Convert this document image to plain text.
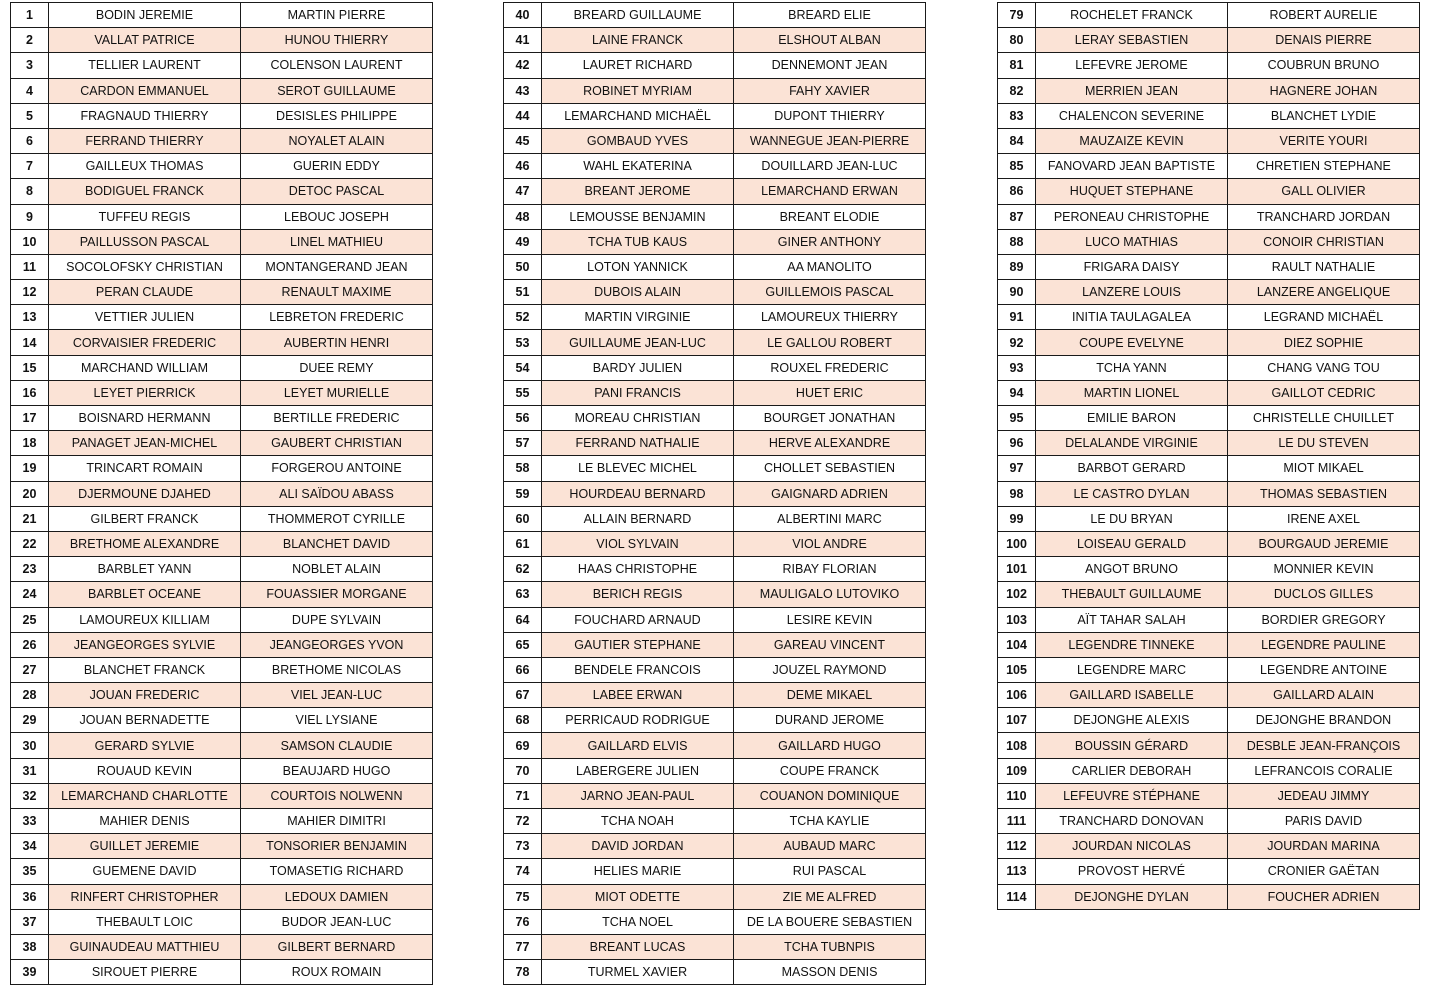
1	BODIN JEREMIE	MARTIN PIERRE
2	VALLAT PATRICE	HUNOU THIERRY
3	TELLIER LAURENT	COLENSON LAURENT
4	CARDON EMMANUEL	SEROT GUILLAUME
5	FRAGNAUD THIERRY	DESISLES PHILIPPE
6	FERRAND THIERRY	NOYALET ALAIN
7	GAILLEUX THOMAS	GUERIN EDDY
8	BODIGUEL FRANCK	DETOC PASCAL
9	TUFFEU REGIS	LEBOUC JOSEPH
10	PAILLUSSON PASCAL	LINEL MATHIEU
11	SOCOLOFSKY CHRISTIAN	MONTANGERAND JEAN
12	PERAN CLAUDE	RENAULT MAXIME
13	VETTIER JULIEN	LEBRETON FREDERIC
14	CORVAISIER FREDERIC	AUBERTIN HENRI
15	MARCHAND WILLIAM	DUEE REMY
16	LEYET PIERRICK	LEYET MURIELLE
17	BOISNARD HERMANN	BERTILLE FREDERIC
18	PANAGET JEAN-MICHEL	GAUBERT CHRISTIAN
19	TRINCART ROMAIN	FORGEROU ANTOINE
20	DJERMOUNE DJAHED	ALI SAÏDOU ABASS
21	GILBERT FRANCK	THOMMEROT CYRILLE
22	BRETHOME ALEXANDRE	BLANCHET DAVID
23	BARBLET YANN	NOBLET ALAIN
24	BARBLET OCEANE	FOUASSIER MORGANE
25	LAMOUREUX KILLIAM	DUPE SYLVAIN
26	JEANGEORGES SYLVIE	JEANGEORGES YVON
27	BLANCHET FRANCK	BRETHOME NICOLAS
28	JOUAN FREDERIC	VIEL JEAN-LUC
29	JOUAN BERNADETTE	VIEL LYSIANE
30	GERARD SYLVIE	SAMSON CLAUDIE
31	ROUAUD KEVIN	BEAUJARD HUGO
32	LEMARCHAND CHARLOTTE	COURTOIS NOLWENN
33	MAHIER DENIS	MAHIER DIMITRI
34	GUILLET JEREMIE	TONSORIER BENJAMIN
35	GUEMENE DAVID	TOMASETIG RICHARD
36	RINFERT CHRISTOPHER	LEDOUX DAMIEN
37	THEBAULT LOIC	BUDOR JEAN-LUC
38	GUINAUDEAU MATTHIEU	GILBERT BERNARD
39	SIROUET PIERRE	ROUX ROMAIN
40	BREARD GUILLAUME	BREARD ELIE
41	LAINE FRANCK	ELSHOUT ALBAN
42	LAURET RICHARD	DENNEMONT JEAN
43	ROBINET MYRIAM	FAHY XAVIER
44	LEMARCHAND MICHAËL	DUPONT THIERRY
45	GOMBAUD YVES	WANNEGUE JEAN-PIERRE
46	WAHL EKATERINA	DOUILLARD JEAN-LUC
47	BREANT JEROME	LEMARCHAND ERWAN
48	LEMOUSSE BENJAMIN	BREANT ELODIE
49	TCHA TUB KAUS	GINER ANTHONY
50	LOTON YANNICK	AA MANOLITO
51	DUBOIS ALAIN	GUILLEMOIS PASCAL
52	MARTIN VIRGINIE	LAMOUREUX THIERRY
53	GUILLAUME JEAN-LUC	LE GALLOU ROBERT
54	BARDY JULIEN	ROUXEL FREDERIC
55	PANI FRANCIS	HUET ERIC
56	MOREAU CHRISTIAN	BOURGET JONATHAN
57	FERRAND NATHALIE	HERVE ALEXANDRE
58	LE BLEVEC MICHEL	CHOLLET SEBASTIEN
59	HOURDEAU BERNARD	GAIGNARD ADRIEN
60	ALLAIN BERNARD	ALBERTINI MARC
61	VIOL SYLVAIN	VIOL ANDRE
62	HAAS CHRISTOPHE	RIBAY FLORIAN
63	BERICH REGIS	MAULIGALO LUTOVIKO
64	FOUCHARD ARNAUD	LESIRE KEVIN
65	GAUTIER STEPHANE	GAREAU VINCENT
66	BENDELE FRANCOIS	JOUZEL RAYMOND
67	LABEE ERWAN	DEME MIKAEL
68	PERRICAUD RODRIGUE	DURAND JEROME
69	GAILLARD ELVIS	GAILLARD HUGO
70	LABERGERE JULIEN	COUPE FRANCK
71	JARNO JEAN-PAUL	COUANON DOMINIQUE
72	TCHA NOAH	TCHA KAYLIE
73	DAVID JORDAN	AUBAUD MARC
74	HELIES MARIE	RUI PASCAL
75	MIOT ODETTE	ZIE ME ALFRED
76	TCHA NOEL	DE LA BOUERE SEBASTIEN
77	BREANT LUCAS	TCHA TUBNPIS
78	TURMEL XAVIER	MASSON DENIS
79	ROCHELET FRANCK	ROBERT AURELIE
80	LERAY SEBASTIEN	DENAIS PIERRE
81	LEFEVRE JEROME	COUBRUN BRUNO
82	MERRIEN JEAN	HAGNERE JOHAN
83	CHALENCON SEVERINE	BLANCHET LYDIE
84	MAUZAIZE KEVIN	VERITE YOURI
85	FANOVARD JEAN BAPTISTE	CHRETIEN STEPHANE
86	HUQUET STEPHANE	GALL OLIVIER
87	PERONEAU CHRISTOPHE	TRANCHARD JORDAN
88	LUCO MATHIAS	CONOIR CHRISTIAN
89	FRIGARA DAISY	RAULT NATHALIE
90	LANZERE LOUIS	LANZERE ANGELIQUE
91	INITIA TAULAGALEA	LEGRAND MICHAËL
92	COUPE EVELYNE	DIEZ SOPHIE
93	TCHA YANN	CHANG VANG TOU
94	MARTIN LIONEL	GAILLOT CEDRIC
95	EMILIE BARON	CHRISTELLE CHUILLET
96	DELALANDE VIRGINIE	LE DU STEVEN
97	BARBOT GERARD	MIOT MIKAEL
98	LE CASTRO DYLAN	THOMAS SEBASTIEN
99	LE DU BRYAN	IRENE AXEL
100	LOISEAU GERALD	BOURGAUD JEREMIE
101	ANGOT BRUNO	MONNIER KEVIN
102	THEBAULT GUILLAUME	DUCLOS GILLES
103	AÏT TAHAR SALAH	BORDIER GREGORY
104	LEGENDRE TINNEKE	LEGENDRE PAULINE
105	LEGENDRE MARC	LEGENDRE ANTOINE
106	GAILLARD ISABELLE	GAILLARD ALAIN
107	DEJONGHE ALEXIS	DEJONGHE BRANDON
108	BOUSSIN GÉRARD	DESBLE JEAN-FRANÇOIS
109	CARLIER DEBORAH	LEFRANCOIS CORALIE
110	LEFEUVRE STÉPHANE	JEDEAU JIMMY
111	TRANCHARD DONOVAN	PARIS DAVID
112	JOURDAN NICOLAS	JOURDAN MARINA
113	PROVOST HERVÉ	CRONIER GAËTAN
114	DEJONGHE DYLAN	FOUCHER ADRIEN
